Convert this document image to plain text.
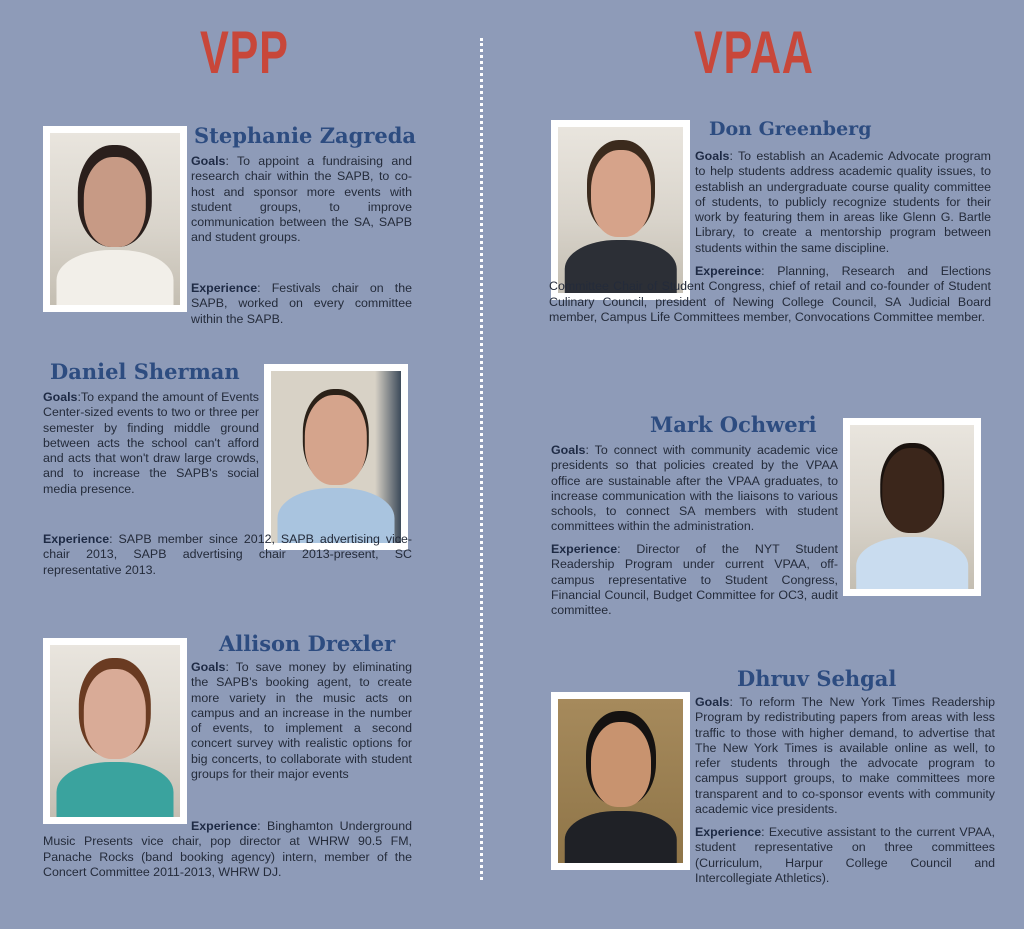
VPP	VPAA
Stephanie Zagreda

Goals: To appoint a fundraising and research chair within the SAPB, to co-host and sponsor more events with student groups, to improve communication between the SA, SAPB and student groups.

Experience: Festivals chair on the SAPB, worked on every committee within the SAPB.

Daniel Sherman

Goals:To expand the amount of Events Center-sized events to two or three per semester by finding middle ground between acts the school can't afford and acts that won't draw large crowds, and to increase the SAPB's social media presence.

Experience: SAPB member since 2012, SAPB advertising vice-chair 2013, SAPB advertising chair 2013-present, SC representative 2013.

Allison Drexler

Goals: To save money by eliminating the SAPB's booking agent, to create more variety in the music acts on campus and an increase in the number of events, to implement a second concert survey with realistic options for big concerts, to collaborate with student groups for their major events

Experience: Binghamton Underground Music Presents vice chair, pop director at WHRW 90.5 FM, Panache Rocks (band booking agency) intern, member of the Concert Committee 2011-2013, WHRW DJ.

Don Greenberg

Goals: To establish an Academic Advocate program to help students address academic quality issues, to establish an undergraduate course quality committee of students, to publicly recognize students for their work by featuring them in areas like Glenn G. Bartle Library, to create a mentorship program between students within the same discipline.

Expereince: Planning, Research and Elections Committee Chair of Student Congress, chief of retail and co-founder of Student Culinary Council, president of Newing College Council, SA Judicial Board member, Campus Life Committees member, Convocations Committee member.

Mark Ochweri

Goals: To connect with community academic vice presidents so that policies created by the VPAA office are sustainable after the VPAA graduates, to increase communication with the liaisons to various schools, to connect SA members with student committees within the administration.

Experience: Director of the NYT Student Readership Program under current VPAA, off-campus representative to Student Congress, Financial Council, Budget Committee for OC3, audit committee.

Dhruv Sehgal

Goals: To reform The New York Times Readership Program by redistributing papers from areas with less traffic to those with higher demand, to advertise that The New York Times is available online as well, to refer students through the advocate program to campus support groups, to make committees more transparent and to co-sponsor events with community academic vice presidents.

Experience: Executive assistant to the current VPAA, student representative on three committees (Curriculum, Harpur College Council and Intercollegiate Athletics).
